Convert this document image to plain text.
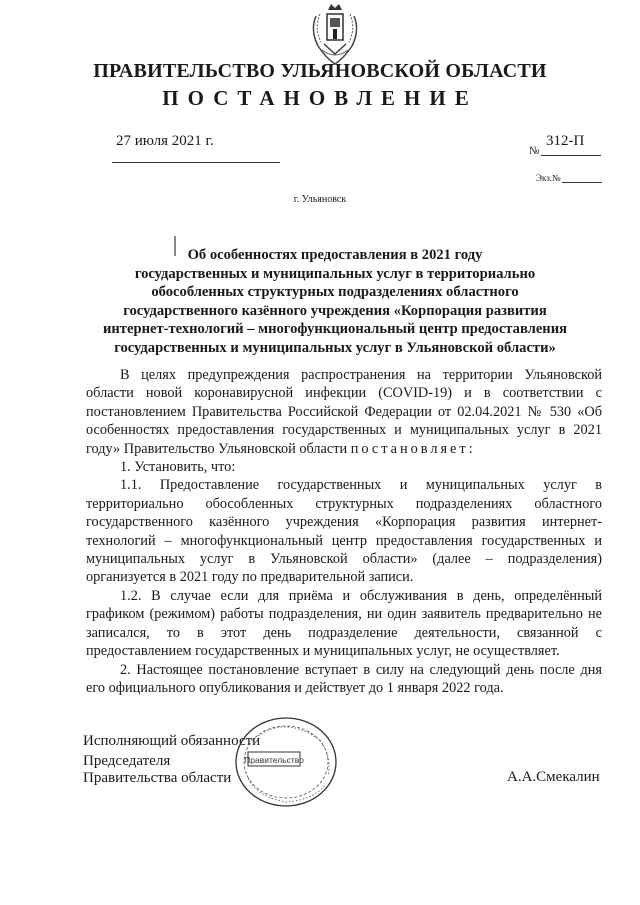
ПРАВИТЕЛЬСТВО УЛЬЯНОВСКОЙ ОБЛАСТИ
ПОСТАНОВЛЕНИЕ
27 июля 2021 г.
№
312-П
Экз.№
г. Ульяновск
Об особенностях предоставления в 2021 году
государственных и муниципальных услуг в территориально
обособленных структурных подразделениях областного
государственного казённого учреждения «Корпорация развития
интернет-технологий – многофункциональный центр предоставления
государственных и муниципальных услуг в Ульяновской области»

В целях предупреждения распространения на территории Ульяновской области новой коронавирусной инфекции (COVID-19) и в соответствии с постановлением Правительства Российской Федерации от 02.04.2021 № 530 «Об особенностях предоставления государственных и муниципальных услуг в 2021 году» Правительство Ульяновской области постановляет:

1. Установить, что:

1.1. Предоставление государственных и муниципальных услуг в территориально обособленных структурных подразделениях областного государственного казённого учреждения «Корпорация развития интернет-технологий – многофункциональный центр предоставления государственных и муниципальных услуг в Ульяновской области» (далее – подразделения) организуется в 2021 году по предварительной записи.

1.2. В случае если для приёма и обслуживания в день, определённый графиком (режимом) работы подразделения, ни один заявитель предварительно не записался, то в этот день подразделение деятельности, связанной с предоставлением государственных и муниципальных услуг, не осуществляет.

2. Настоящее постановление вступает в силу на следующий день после дня его официального опубликования и действует до 1 января 2022 года.

Исполняющий обязанности
Председателя
Правительства области	А.А.Смекалин
Правительство
